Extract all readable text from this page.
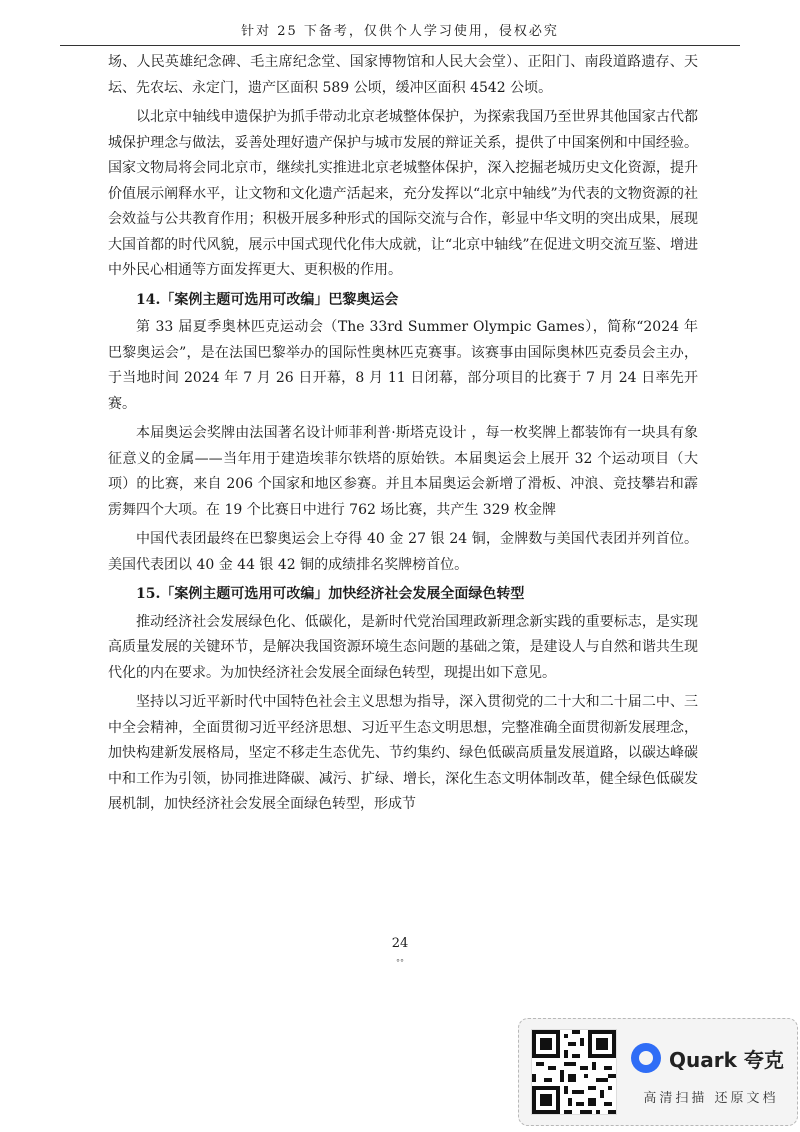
针对 25 下备考，仅供个人学习使用，侵权必究

场、人民英雄纪念碑、毛主席纪念堂、国家博物馆和人民大会堂）、正阳门、南段道路遗存、天坛、先农坛、永定门，遗产区面积 589 公顷，缓冲区面积 4542 公顷。

以北京中轴线申遗保护为抓手带动北京老城整体保护，为探索我国乃至世界其他国家古代都城保护理念与做法，妥善处理好遗产保护与城市发展的辩证关系，提供了中国案例和中国经验。国家文物局将会同北京市，继续扎实推进北京老城整体保护，深入挖掘老城历史文化资源，提升价值展示阐释水平，让文物和文化遗产活起来，充分发挥以“北京中轴线”为代表的文物资源的社会效益与公共教育作用；积极开展多种形式的国际交流与合作，彰显中华文明的突出成果，展现大国首都的时代风貌，展示中国式现代化伟大成就，让“北京中轴线”在促进文明交流互鉴、增进中外民心相通等方面发挥更大、更积极的作用。

14.「案例主题可选用可改编」巴黎奥运会

第 33 届夏季奥林匹克运动会（The 33rd Summer Olympic Games），简称“2024 年巴黎奥运会”，是在法国巴黎举办的国际性奥林匹克赛事。该赛事由国际奥林匹克委员会主办，于当地时间 2024 年 7 月 26 日开幕，8 月 11 日闭幕，部分项目的比赛于 7 月 24 日率先开赛。

本届奥运会奖牌由法国著名设计师菲利普·斯塔克设计 ，每一枚奖牌上都装饰有一块具有象征意义的金属——当年用于建造埃菲尔铁塔的原始铁。本届奥运会上展开 32 个运动项目（大项）的比赛，来自 206 个国家和地区参赛。并且本届奥运会新增了滑板、冲浪、竞技攀岩和霹雳舞四个大项。在 19 个比赛日中进行 762 场比赛，共产生 329 枚金牌

中国代表团最终在巴黎奥运会上夺得 40 金 27 银 24 铜，金牌数与美国代表团并列首位。美国代表团以 40 金 44 银 42 铜的成绩排名奖牌榜首位。

15.「案例主题可选用可改编」加快经济社会发展全面绿色转型

推动经济社会发展绿色化、低碳化，是新时代党治国理政新理念新实践的重要标志，是实现高质量发展的关键环节，是解决我国资源环境生态问题的基础之策，是建设人与自然和谐共生现代化的内在要求。为加快经济社会发展全面绿色转型，现提出如下意见。

坚持以习近平新时代中国特色社会主义思想为指导，深入贯彻党的二十大和二十届二中、三中全会精神，全面贯彻习近平经济思想、习近平生态文明思想，完整准确全面贯彻新发展理念，加快构建新发展格局，坚定不移走生态优先、节约集约、绿色低碳高质量发展道路，以碳达峰碳中和工作为引领，协同推进降碳、减污、扩绿、增长，深化生态文明体制改革，健全绿色低碳发展机制，加快经济社会发展全面绿色转型，形成节

24
°°
Quark 夸克
高清扫描 还原文档
